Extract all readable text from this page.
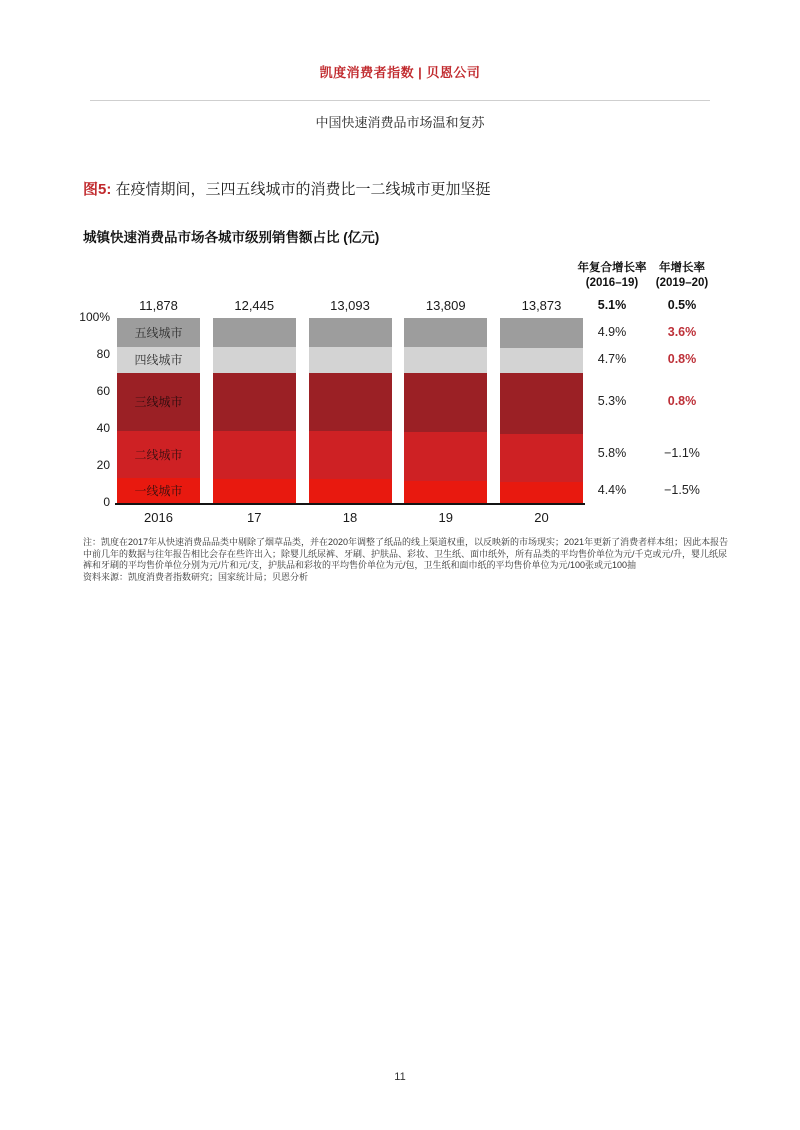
凯度消费者指数 | 贝恩公司
中国快速消费品市场温和复苏
图5: 在疫情期间，三四五线城市的消费比一二线城市更加坚挺
城镇快速消费品市场各城市级别销售额占比 (亿元)
100%
80
60
40
20
0
11,878
一线城市
二线城市
三线城市
四线城市
五线城市
2016
12,445
17
13,093
18
13,809
19
13,873
20
年复合增长率
(2016–19)
年增长率
(2019–20)
5.1%	0.5%
4.4%	−1.5%
5.8%	−1.1%
5.3%	0.8%
4.7%	0.8%
4.9%	3.6%
注：凯度在2017年从快速消费品品类中剔除了烟草品类，并在2020年调整了纸品的线上渠道权重，以反映新的市场现实；2021年更新了消费者样本组；因此本报告
中前几年的数据与往年报告相比会存在些许出入；除婴儿纸尿裤、牙刷、护肤品、彩妆、卫生纸、面巾纸外，所有品类的平均售价单位为元/千克或元/升，婴儿纸尿
裤和牙刷的平均售价单位分别为元/片和元/支，护肤品和彩妆的平均售价单位为元/包，卫生纸和面巾纸的平均售价单位为元/100张或元100抽
资料来源：凯度消费者指数研究；国家统计局；贝恩分析
11
